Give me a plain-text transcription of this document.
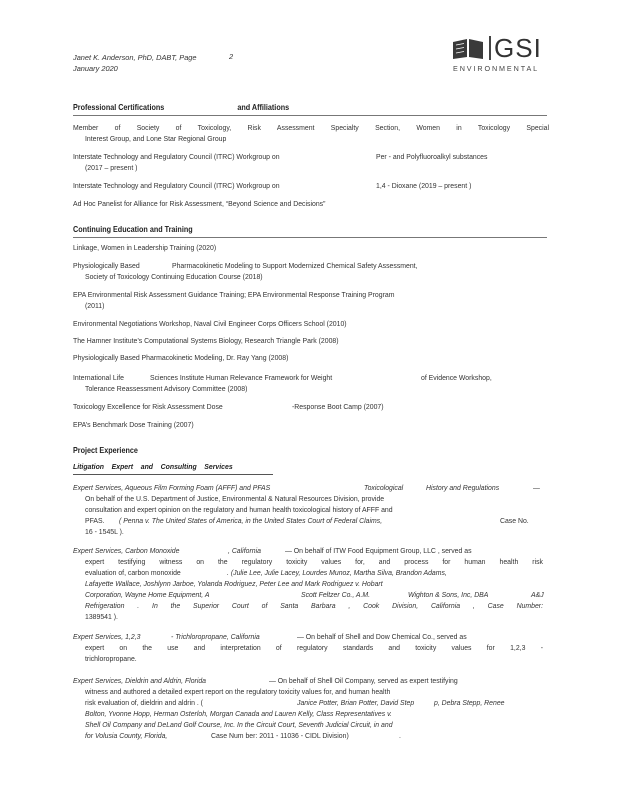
Janet K. Anderson, PhD, DABT, Page
January 2020
2	GSI
ENVIRONMENTAL
Professional Certifications	and Affiliations

Member of Society of Toxicology, Risk Assessment Specialty Section, Women in Toxicology Special

Interest Group, and Lone Star Regional Group

Interstate Technology and Regulatory Council (ITRC) Workgroup on	Per - and Polyfluoroalkyl substances

(2017 – present )

Interstate Technology and Regulatory Council (ITRC) Workgroup on	1,4 - Dioxane (2019 – present )

Ad Hoc Panelist for Alliance for Risk Assessment, “Beyond Science and Decisions”

Continuing Education and Training

Linkage, Women in Leadership Training (2020)

Physiologically Based	Pharmacokinetic Modeling to Support Modernized Chemical Safety Assessment,

Society of Toxicology Continuing Education Course (2018)

EPA Environmental Risk Assessment Guidance Training; EPA Environmental Response Training Program

(2011)

Environmental Negotiations Workshop, Naval Civil Engineer Corps Officers School (2010)

The Hamner Institute’s Computational Systems Biology, Research Triangle Park (2008)

Physiologically Based Pharmacokinetic Modeling, Dr. Ray Yang (2008)

International Life	Sciences Institute Human Relevance Framework for Weight	of Evidence Workshop,

Tolerance Reassessment Advisory Committee (2008)

Toxicology Excellence for Risk Assessment Dose	-Response Boot Camp (2007)

EPA’s Benchmark Dose Training (2007)

Project Experience
Litigation    Expert    and    Consulting    Services
Expert Services, Aqueous Film Forming Foam (AFFF) and PFAS	Toxicological	History and Regulations	—
On behalf of the U.S. Department of Justice, Environmental & Natural Resources Division, provide
consultation and expert opinion on the regulatory and human health toxicological history of AFFF and
PFAS. ( Penna v. The United States of America, in the United States Court of Federal Claims,	Case No.
16 - 1545L ).
Expert Services, Carbon Monoxide	, California	— On behalf of ITW Food Equipment Group, LLC , served as
expert testifying witness on the regulatory toxicity values for, and process for human health risk
evaluation of, carbon monoxide	. (Julie Lee, Julie Lacey, Lourdes Munoz, Martha Silva, Brandon Adams,
Lafayette Wallace, Joshlynn Jarboe, Yolanda Rodriguez, Peter Lee and Mark Rodriguez v. Hobart
Corporation, Wayne Home Equipment, A	Scott Feltzer Co., A.M.	Wighton & Sons, Inc, DBA	A&J
Refrigeration . In the Superior Court of Santa Barbara , Cook Division, California , Case Number:
1389541 ).
Expert Services, 1,2,3	- Trichloropropane, California	— On behalf of Shell and Dow Chemical Co., served as
expert on the use and interpretation of regulatory standards and toxicity values for 1,2,3 -
trichloropropane.
Expert Services, Dieldrin and Aldrin, Florida	— On behalf of Shell Oil Company, served as expert testifying
witness and authored a detailed expert report on the regulatory toxicity values for, and human health
risk evaluation of, dieldrin and aldrin . (	Janice Potter, Brian Potter, David Step	p, Debra Stepp, Renee
Bolton, Yvonne Hopp, Herman Osterloh, Morgan Canada and Lauren Kelly, Class Representatives v.
Shell Oil Company and DeLand Golf Course, Inc. In the Circuit Court, Seventh Judicial Circuit, in and
for Volusia County, Florida,	Case Num ber: 2011 - 11036 - CIDL Division)	.
